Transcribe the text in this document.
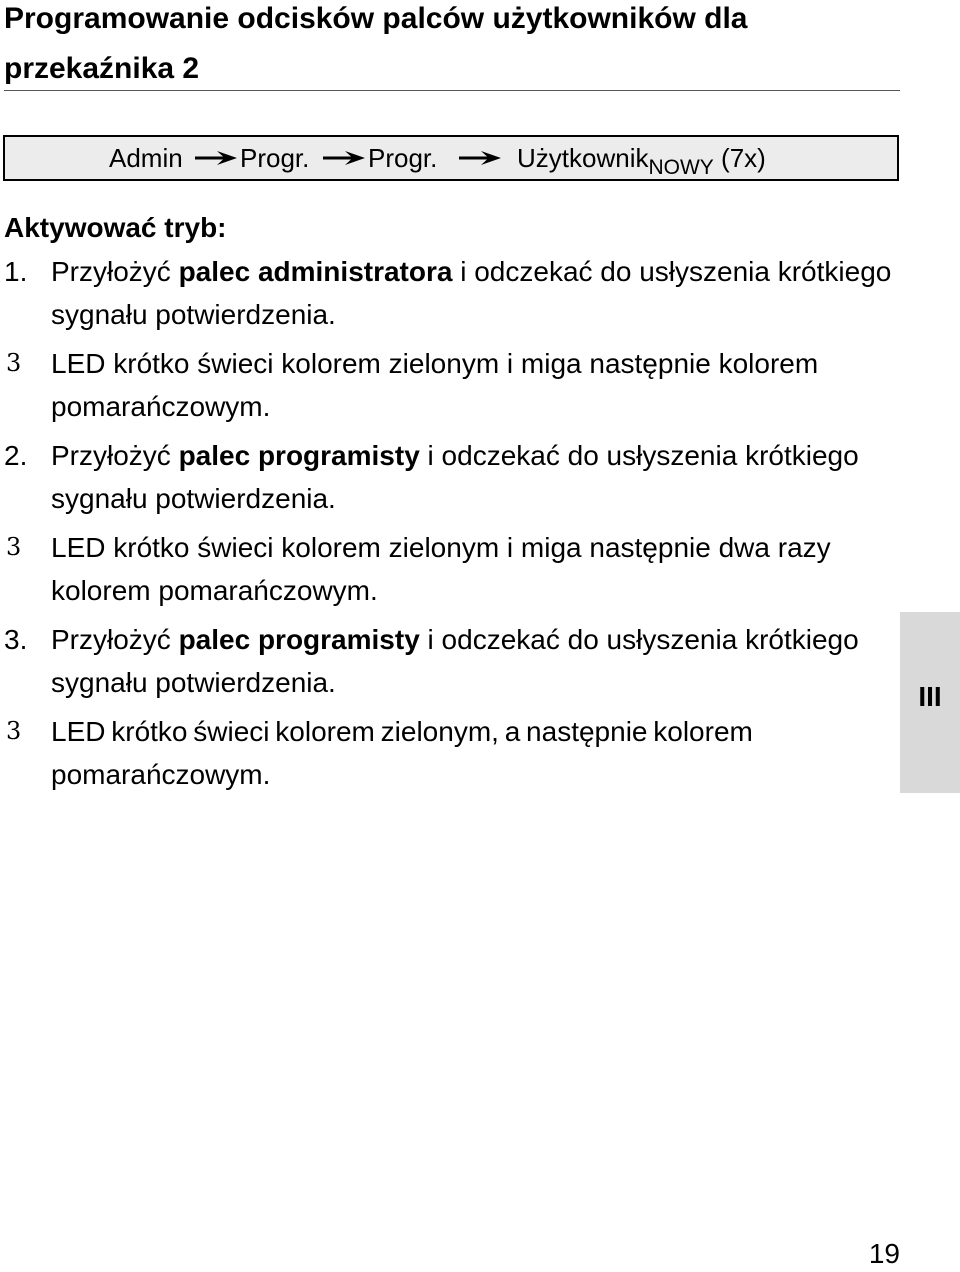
Programowanie odcisków palców użytkowników dla przekaźnika 2
Admin Progr. Progr.	Użytkownik$_{NOWY}$ (7x)
Aktywować tryb:
1. Przyłożyć palec administratora i odczekać do usłyszenia krótkiego sygnału potwierdzenia.
3 LED krótko świeci kolorem zielonym i miga następnie kolorem pomarańczowym.
2. Przyłożyć palec programisty i odczekać do usłyszenia krótkiego sygnału potwierdzenia.
3 LED krótko świeci kolorem zielonym i miga następnie dwa razy kolorem pomarańczowym.
3. Przyłożyć palec programisty i odczekać do usłyszenia krótkiego sygnału potwierdzenia.
3 LED krótko świeci kolorem zielonym, a następnie kolorem pomarańczowym.
III
19
